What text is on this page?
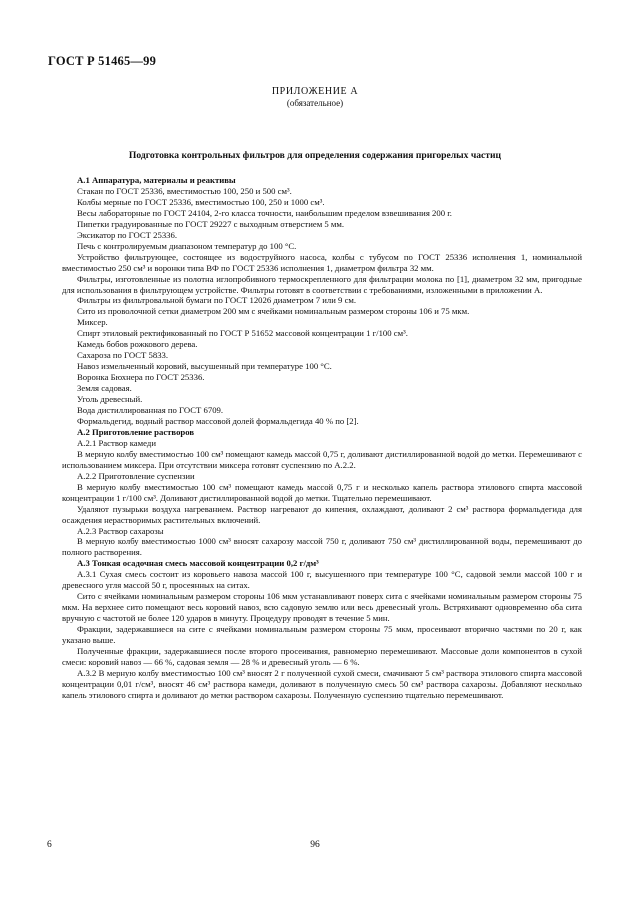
ГОСТ Р 51465—99
ПРИЛОЖЕНИЕ А
(обязательное)
Подготовка контрольных фильтров для определения содержания пригорелых частиц

А.1 Аппаратура, материалы и реактивы

Стакан по ГОСТ 25336, вместимостью 100, 250 и 500 см³.

Колбы мерные по ГОСТ 25336, вместимостью 100, 250 и 1000 см³.

Весы лабораторные по ГОСТ 24104, 2-го класса точности, наибольшим пределом взвешивания 200 г.

Пипетки градуированные по ГОСТ 29227 с выходным отверстием 5 мм.

Эксикатор по ГОСТ 25336.

Печь с контролируемым диапазоном температур до 100 °С.

Устройство фильтрующее, состоящее из водоструйного насоса, колбы с тубусом по ГОСТ 25336 исполнения 1, номинальной вместимостью 250 см³ и воронки типа ВФ по ГОСТ 25336 исполнения 1, диаметром фильтра 32 мм.

Фильтры, изготовленные из полотна иглопробивного термоскрепленного для фильтрации молока по [1], диаметром 32 мм, пригодные для использования в фильтрующем устройстве. Фильтры готовят в соответствии с требованиями, изложенными в приложении А.

Фильтры из фильтровальной бумаги по ГОСТ 12026 диаметром 7 или 9 см.

Сито из проволочной сетки диаметром 200 мм с ячейками номинальным размером стороны 106 и 75 мкм.

Миксер.

Спирт этиловый ректификованный по ГОСТ Р 51652 массовой концентрации 1 г/100 см³.

Камедь бобов рожкового дерева.

Сахароза по ГОСТ 5833.

Навоз измельченный коровий, высушенный при температуре 100 °С.

Воронка Бюхнера по ГОСТ 25336.

Земля садовая.

Уголь древесный.

Вода дистиллированная по ГОСТ 6709.

Формальдегид, водный раствор массовой долей формальдегида 40 % по [2].

А.2 Приготовление растворов

А.2.1 Раствор камеди

В мерную колбу вместимостью 100 см³ помещают камедь массой 0,75 г, доливают дистиллированной водой до метки. Перемешивают с использованием миксера. При отсутствии миксера готовят суспензию по А.2.2.

А.2.2 Приготовление суспензии

В мерную колбу вместимостью 100 см³ помещают камедь массой 0,75 г и несколько капель раствора этилового спирта массовой концентрации 1 г/100 см³. Доливают дистиллированной водой до метки. Тщательно перемешивают.

Удаляют пузырьки воздуха нагреванием. Раствор нагревают до кипения, охлаждают, доливают 2 см³ раствора формальдегида для осаждения нерастворимых растительных включений.

А.2.3 Раствор сахарозы

В мерную колбу вместимостью 1000 см³ вносят сахарозу массой 750 г, доливают 750 см³ дистиллированной воды, перемешивают до полного растворения.

А.3 Тонкая осадочная смесь массовой концентрации 0,2 г/дм³

А.3.1 Сухая смесь состоит из коровьего навоза массой 100 г, высушенного при температуре 100 °С, садовой земли массой 100 г и древесного угля массой 50 г, просеянных на ситах.

Сито с ячейками номинальным размером стороны 106 мкм устанавливают поверх сита с ячейками номинальным размером стороны 75 мкм. На верхнее сито помещают весь коровий навоз, всю садовую землю или весь древесный уголь. Встряхивают одновременно оба сита вручную с частотой не более 120 ударов в минуту. Процедуру проводят в течение 5 мин.

Фракции, задержавшиеся на сите с ячейками номинальным размером стороны 75 мкм, просеивают вторично частями по 20 г, как указано выше.

Полученные фракции, задержавшиеся после второго просеивания, равномерно перемешивают. Массовые доли компонентов в сухой смеси: коровий навоз — 66 %, садовая земля — 28 % и древесный уголь — 6 %.

А.3.2 В мерную колбу вместимостью 100 см³ вносят 2 г полученной сухой смеси, смачивают 5 см³ раствора этилового спирта массовой концентрации 0,01 г/см³, вносят 46 см³ раствора камеди, доливают в полученную смесь 50 см³ раствора сахарозы. Добавляют несколько капель этилового спирта и доливают до метки раствором сахарозы. Полученную суспензию тщательно перемешивают.

6	96
